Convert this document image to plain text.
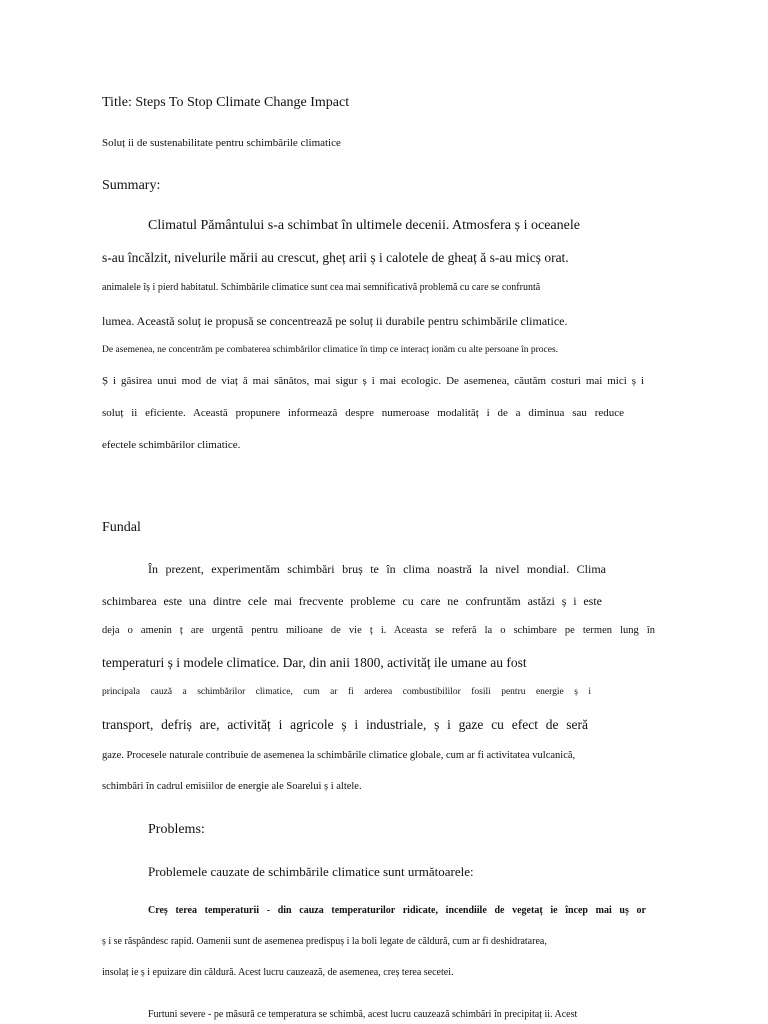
Title: Steps To Stop Climate Change Impact
Soluț ii de sustenabilitate pentru schimbările climatice
Summary:
Climatul Pământului s-a schimbat în ultimele decenii. Atmosfera ș i oceanele
s-au încălzit, nivelurile mării au crescut, gheț arii ș i calotele de gheaț ă s-au micș orat.
animalele îș i pierd habitatul. Schimbările climatice sunt cea mai semnificativă problemă cu care se confruntă
lumea. Această soluț ie propusă se concentrează pe soluț ii durabile pentru schimbările climatice.
De asemenea, ne concentrăm pe combaterea schimbărilor climatice în timp ce interacț ionăm cu alte persoane în proces.
Ș i găsirea unui mod de viaț ă mai sănătos, mai sigur ș i mai ecologic. De asemenea, căutăm costuri mai mici ș i
soluț ii eficiente. Această propunere informează despre numeroase modalităț i de a diminua sau reduce
efectele schimbărilor climatice.
Fundal
În prezent, experimentăm schimbări bruș te în clima noastră la nivel mondial. Clima
schimbarea este una dintre cele mai frecvente probleme cu care ne confruntăm astăzi ș i este
deja o amenin ț are urgentă pentru milioane de vie ț i. Aceasta se referă la o schimbare pe termen lung în
temperaturi ș i modele climatice. Dar, din anii 1800, activităț ile umane au fost
principala cauză a schimbărilor climatice, cum ar fi arderea combustibililor fosili pentru energie ș i
transport, defriș are, activităț i agricole ș i industriale, ș i gaze cu efect de seră
gaze. Procesele naturale contribuie de asemenea la schimbările climatice globale, cum ar fi activitatea vulcanică,
schimbări în cadrul emisiilor de energie ale Soarelui ș i altele.
Problems:
Problemele cauzate de schimbările climatice sunt următoarele:
Creș terea temperaturii - din cauza temperaturilor ridicate, incendiile de vegetaț ie încep mai uș or
ș i se răspândesc rapid. Oamenii sunt de asemenea predispuș i la boli legate de căldură, cum ar fi deshidratarea,
insolaț ie ș i epuizare din căldură. Acest lucru cauzează, de asemenea, creș terea secetei.
Furtuni severe - pe măsură ce temperatura se schimbă, acest lucru cauzează schimbări în precipitaț ii. Acest
